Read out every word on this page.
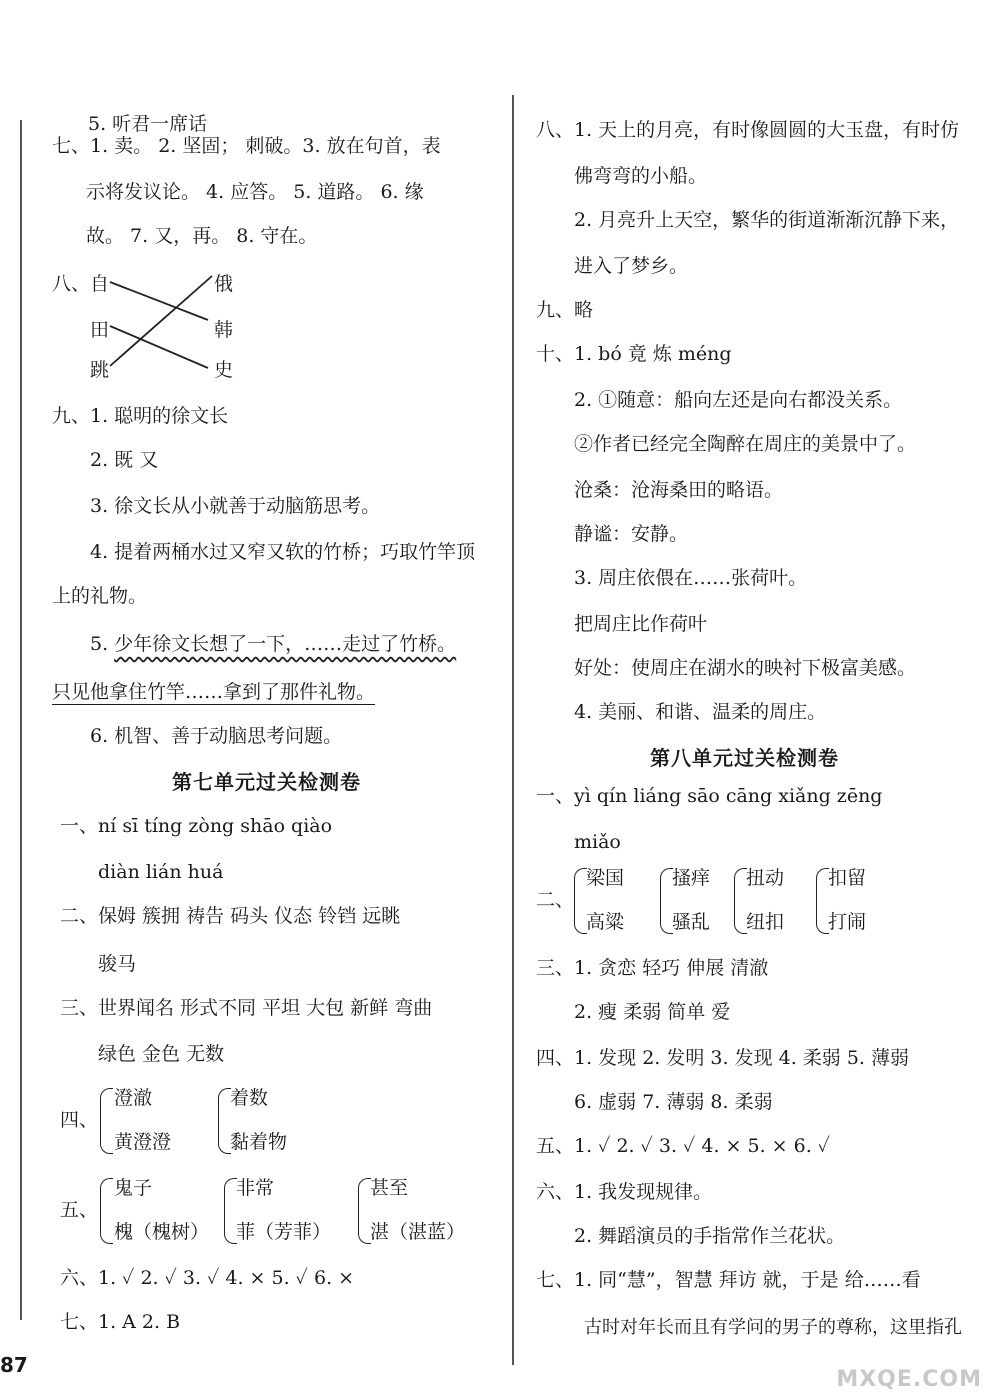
5. 听君一席话
七、1. 卖。 2. 坚固； 刺破。3. 放在句首，表
示将发议论。 4. 应答。 5. 道路。 6. 缘
故。 7. 又，再。 8. 守在。
八、 自
田
跳
俄
韩
史
九、1. 聪明的徐文长
2. 既 又
3. 徐文长从小就善于动脑筋思考。
4. 提着两桶水过又窄又软的竹桥；巧取竹竿顶
上的礼物。
5. 少年徐文长想了一下，……走过了竹桥。
只见他拿住竹竿……拿到了那件礼物。
6. 机智、善于动脑思考问题。
第七单元过关检测卷
一、ní sī tíng zòng shāo qiào
diàn lián huá
二、保姆 簇拥 祷告 码头 仪态 铃铛 远眺
骏马
三、世界闻名 形式不同 平坦 大包 新鲜 弯曲
绿色 金色 无数
四、
澄澈
黄澄澄
着数
黏着物
五、
鬼子
槐（槐树）
非常
菲（芳菲）
甚至
湛（湛蓝）
六、1. ✓ 2. ✓ 3. ✓ 4. × 5. ✓ 6. ×
七、1. A 2. B
八、1. 天上的月亮，有时像圆圆的大玉盘，有时仿
佛弯弯的小船。
2. 月亮升上天空，繁华的街道渐渐沉静下来，
进入了梦乡。
九、略
十、1. bó 竟 炼 méng
2. ①随意：船向左还是向右都没关系。
②作者已经完全陶醉在周庄的美景中了。
沧桑：沧海桑田的略语。
静谧：安静。
3. 周庄依偎在……张荷叶。
把周庄比作荷叶
好处：使周庄在湖水的映衬下极富美感。
4. 美丽、和谐、温柔的周庄。
第八单元过关检测卷
一、yì qín liáng sāo cāng xiǎng zēng
miǎo
二、
梁国
高粱
搔痒
骚乱
扭动
纽扣
扣留
打闹
三、1. 贪恋 轻巧 伸展 清澈
2. 瘦 柔弱 简单 爱
四、1. 发现 2. 发明 3. 发现 4. 柔弱 5. 薄弱
6. 虚弱 7. 薄弱 8. 柔弱
五、1. ✓ 2. ✓ 3. ✓ 4. × 5. × 6. ✓
六、1. 我发现规律。
2. 舞蹈演员的手指常作兰花状。
七、1. 同“慧”，智慧 拜访 就，于是 给……看
古时对年长而且有学问的男子的尊称，这里指孔
87
MXQE.COM
